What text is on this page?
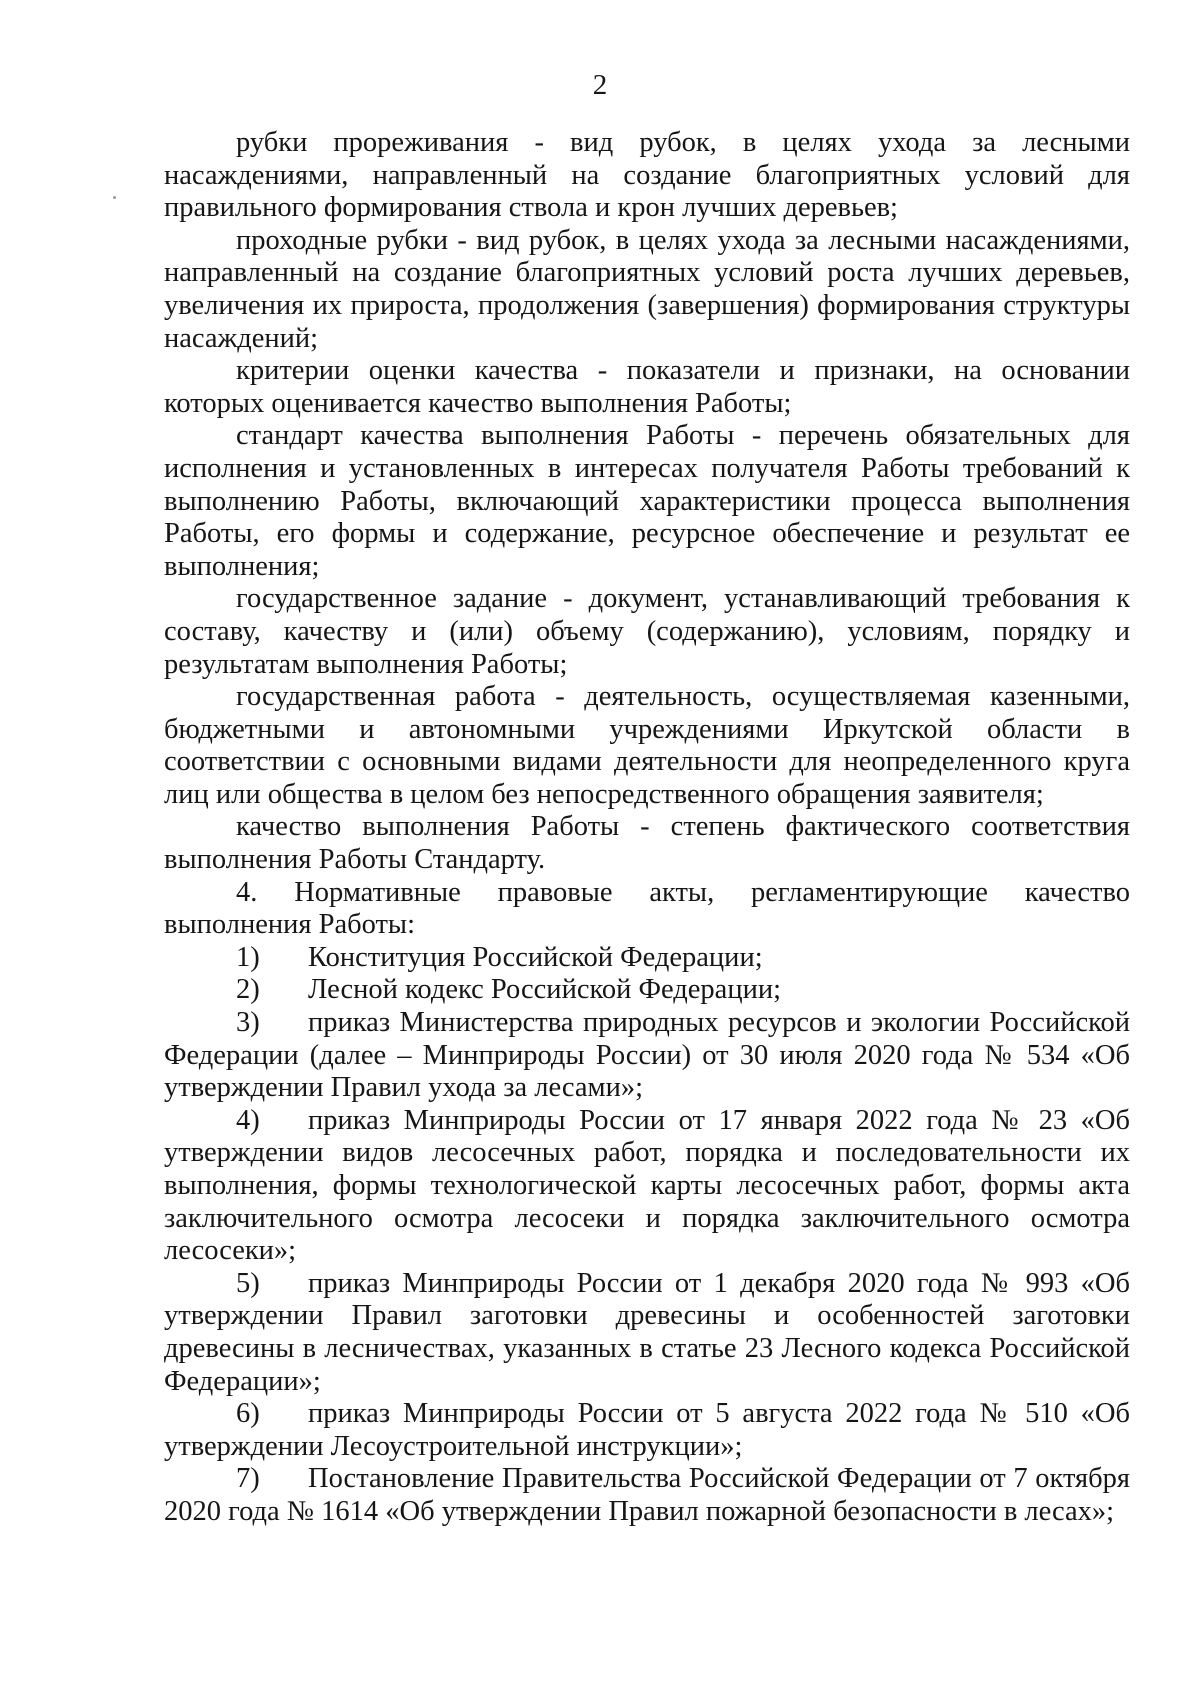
2

рубки прореживания - вид рубок, в целях ухода за лесными насаждениями, направленный на создание благоприятных условий для правильного формирования ствола и крон лучших деревьев;

проходные рубки - вид рубок, в целях ухода за лесными насаждениями, направленный на создание благоприятных условий роста лучших деревьев, увеличения их прироста, продолжения (завершения) формирования структуры насаждений;

критерии оценки качества - показатели и признаки, на основании которых оценивается качество выполнения Работы;

стандарт качества выполнения Работы - перечень обязательных для исполнения и установленных в интересах получателя Работы требований к выполнению Работы, включающий характеристики процесса выполнения Работы, его формы и содержание, ресурсное обеспечение и результат ее выполнения;

государственное задание - документ, устанавливающий требования к составу, качеству и (или) объему (содержанию), условиям, порядку и результатам выполнения Работы;

государственная работа - деятельность, осуществляемая казенными, бюджетными и автономными учреждениями Иркутской области в соответствии с основными видами деятельности для неопределенного круга лиц или общества в целом без непосредственного обращения заявителя;

качество выполнения Работы - степень фактического соответствия выполнения Работы Стандарту.

4. Нормативные правовые акты, регламентирующие качество выполнения Работы:

1) Конституция Российской Федерации;

2) Лесной кодекс Российской Федерации;

3) приказ Министерства природных ресурсов и экологии Российской Федерации (далее – Минприроды России) от 30 июля 2020 года № 534 «Об утверждении Правил ухода за лесами»;

4) приказ Минприроды России от 17 января 2022 года № 23 «Об утверждении видов лесосечных работ, порядка и последовательности их выполнения, формы технологической карты лесосечных работ, формы акта заключительного осмотра лесосеки и порядка заключительного осмотра лесосеки»;

5) приказ Минприроды России от 1 декабря 2020 года № 993 «Об утверждении Правил заготовки древесины и особенностей заготовки древесины в лесничествах, указанных в статье 23 Лесного кодекса Российской Федерации»;

6) приказ Минприроды России от 5 августа 2022 года № 510 «Об утверждении Лесоустроительной инструкции»;

7) Постановление Правительства Российской Федерации от 7 октября 2020 года № 1614 «Об утверждении Правил пожарной безопасности в лесах»;
